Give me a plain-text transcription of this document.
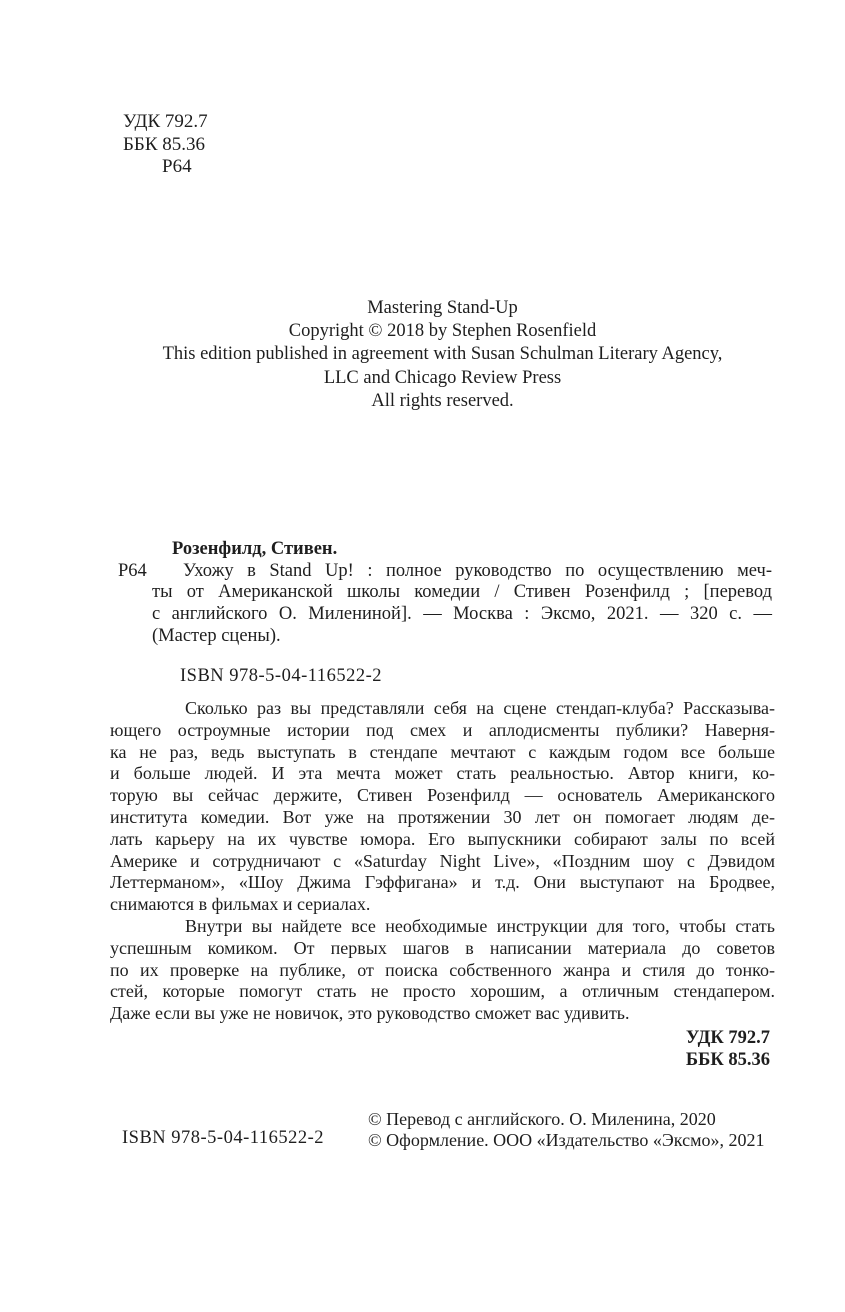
УДК 792.7
ББК 85.36
Р64
Mastering Stand-Up
Copyright © 2018 by Stephen Rosenfield
This edition published in agreement with Susan Schulman Literary Agency,
LLC and Chicago Review Press
All rights reserved.
Р64
Розенфилд, Стивен.
Ухожу в Stand Up! : полное руководство по осуществлению меч-
ты от Американской школы комедии / Стивен Розенфилд ; [перевод
с английского О. Милениной]. — Москва : Эксмо, 2021. — 320 с. —
(Мастер сцены).
ISBN 978-5-04-116522-2
Сколько раз вы представляли себя на сцене стендап-клуба? Рассказыва-
ющего остроумные истории под смех и аплодисменты публики? Наверня-
ка не раз, ведь выступать в стендапе мечтают с каждым годом все больше
и больше людей. И эта мечта может стать реальностью. Автор книги, ко-
торую вы сейчас держите, Стивен Розенфилд — основатель Американского
института комедии. Вот уже на протяжении 30 лет он помогает людям де-
лать карьеру на их чувстве юмора. Его выпускники собирают залы по всей
Америке и сотрудничают с «Saturday Night Live», «Поздним шоу с Дэвидом
Леттерманом», «Шоу Джима Гэффигана» и т.д. Они выступают на Бродвее,
снимаются в фильмах и сериалах.
Внутри вы найдете все необходимые инструкции для того, чтобы стать
успешным комиком. От первых шагов в написании материала до советов
по их проверке на публике, от поиска собственного жанра и стиля до тонко-
стей, которые помогут стать не просто хорошим, а отличным стендапером.
Даже если вы уже не новичок, это руководство сможет вас удивить.
УДК 792.7
ББК 85.36
ISBN 978-5-04-116522-2
© Перевод с английского. О. Миленина, 2020
© Оформление. ООО «Издательство «Эксмо», 2021
